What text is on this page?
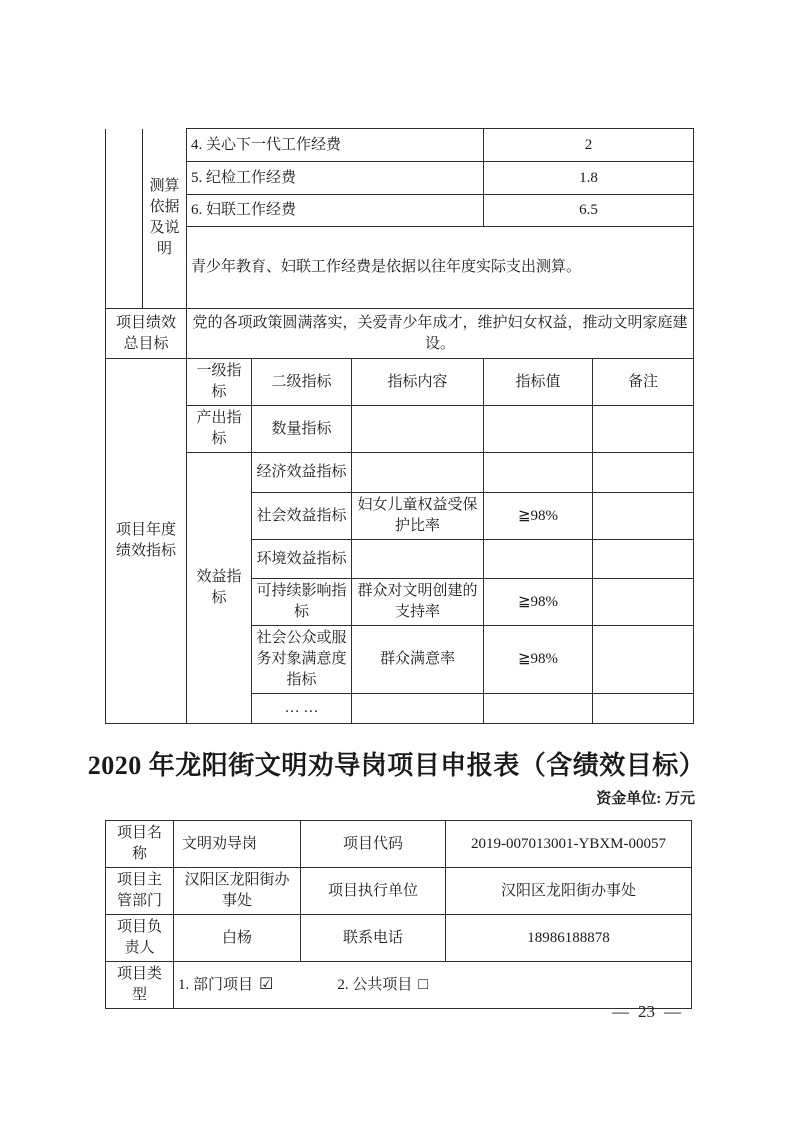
	测算依据及说明	4. 关心下一代工作经费			2	
		5. 纪检工作经费			1.8	
		6. 妇联工作经费			6.5	
		青少年教育、妇联工作经费是依据以往年度实际支出测算。				
项目绩效总目标		党的各项政策圆满落实，关爱青少年成才，维护妇女权益，推动文明家庭建设。				
项目年度绩效指标		一级指标	二级指标	指标内容	指标值	备注
		产出指标	数量指标			
		效益指标	经济效益指标			
			社会效益指标	妇女儿童权益受保护比率	≧98%	
			环境效益指标			
			可持续影响指标	群众对文明创建的支持率	≧98%	
			社会公众或服务对象满意度指标	群众满意率	≧98%	
			… …			
2020 年龙阳街文明劝导岗项目申报表（含绩效目标）
资金单位: 万元
项目名称	文明劝导岗	项目代码	2019-007013001-YBXM-00057
项目主管部门	汉阳区龙阳街办事处	项目执行单位	汉阳区龙阳街办事处
项目负责人	白杨	联系电话	18986188878
项目类型	1. 部门项目 ☑ 2. 公共项目 □		
— 23 —
